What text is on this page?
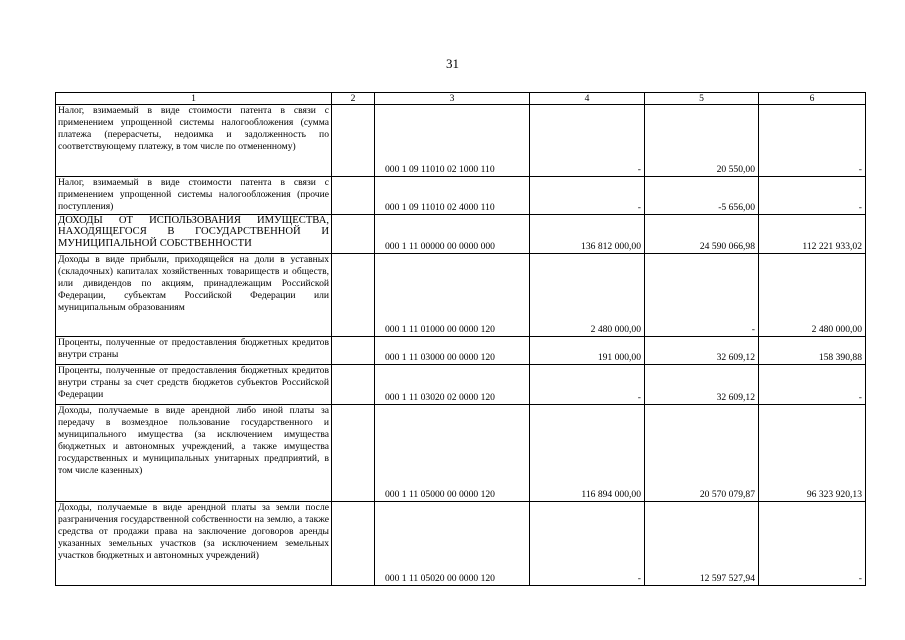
31
1	2	3	4	5	6
Налог, взимаемый в виде стоимости патента в связи с применением упрощенной системы налогообложения (сумма платежа (перерасчеты, недоимка и задолженность по соответствующему платежу, в том числе по отмененному)		000 1 09 11010 02 1000 110	-	20 550,00	-
Налог, взимаемый в виде стоимости патента в связи с применением упрощенной системы налогообложения (прочие поступления)		000 1 09 11010 02 4000 110	-	-5 656,00	-
ДОХОДЫ ОТ ИСПОЛЬЗОВАНИЯ ИМУЩЕСТВА, НАХОДЯЩЕГОСЯ В ГОСУДАРСТВЕННОЙ И МУНИЦИПАЛЬНОЙ СОБСТВЕННОСТИ		000 1 11 00000 00 0000 000	136 812 000,00	24 590 066,98	112 221 933,02
Доходы в виде прибыли, приходящейся на доли в уставных (складочных) капиталах хозяйственных товариществ и обществ, или дивидендов по акциям, принадлежащим Российской Федерации, субъектам Российской Федерации или муниципальным образованиям		000 1 11 01000 00 0000 120	2 480 000,00	-	2 480 000,00
Проценты, полученные от предоставления бюджетных кредитов внутри страны		000 1 11 03000 00 0000 120	191 000,00	32 609,12	158 390,88
Проценты, полученные от предоставления бюджетных кредитов внутри страны за счет средств бюджетов субъектов Российской Федерации		000 1 11 03020 02 0000 120	-	32 609,12	-
Доходы, получаемые в виде арендной либо иной платы за передачу в возмездное пользование государственного и муниципального имущества (за исключением имущества бюджетных и автономных учреждений, а также имущества государственных и муниципальных унитарных предприятий, в том числе казенных)		000 1 11 05000 00 0000 120	116 894 000,00	20 570 079,87	96 323 920,13
Доходы, получаемые в виде арендной платы за земли после разграничения государственной собственности на землю, а также средства от продажи права на заключение договоров аренды указанных земельных участков (за исключением земельных участков бюджетных и автономных учреждений)		000 1 11 05020 00 0000 120	-	12 597 527,94	-
